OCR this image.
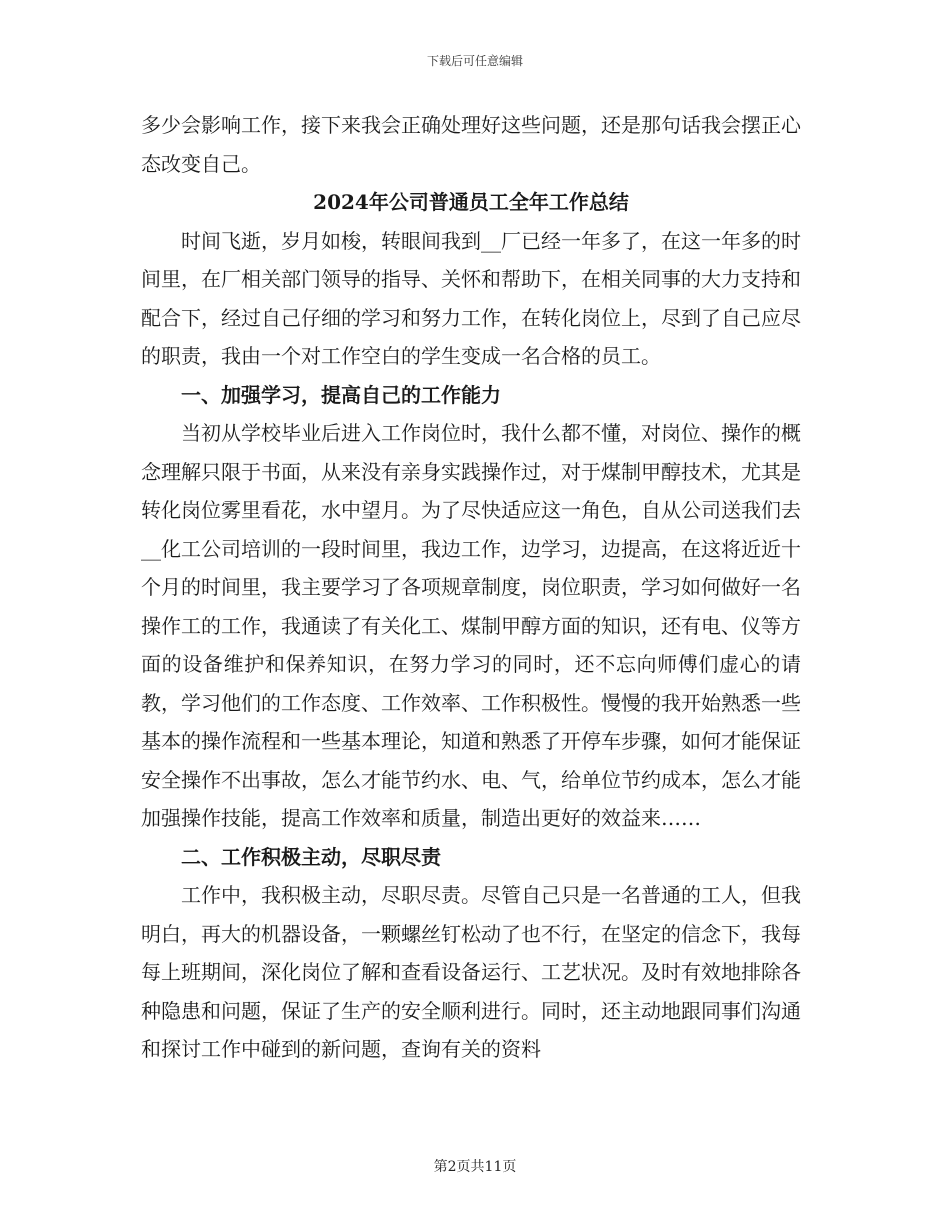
下载后可任意编辑

多少会影响工作，接下来我会正确处理好这些问题，还是那句话我会摆正心态改变自己。

2024年公司普通员工全年工作总结

时间飞逝，岁月如梭，转眼间我到__厂已经一年多了，在这一年多的时间里，在厂相关部门领导的指导、关怀和帮助下，在相关同事的大力支持和配合下，经过自己仔细的学习和努力工作，在转化岗位上，尽到了自己应尽的职责，我由一个对工作空白的学生变成一名合格的员工。

一、加强学习，提高自己的工作能力

当初从学校毕业后进入工作岗位时，我什么都不懂，对岗位、操作的概念理解只限于书面，从来没有亲身实践操作过，对于煤制甲醇技术，尤其是转化岗位雾里看花，水中望月。为了尽快适应这一角色，自从公司送我们去__化工公司培训的一段时间里，我边工作，边学习，边提高，在这将近近十个月的时间里，我主要学习了各项规章制度，岗位职责，学习如何做好一名操作工的工作，我通读了有关化工、煤制甲醇方面的知识，还有电、仪等方面的设备维护和保养知识，在努力学习的同时，还不忘向师傅们虚心的请教，学习他们的工作态度、工作效率、工作积极性。慢慢的我开始熟悉一些基本的操作流程和一些基本理论，知道和熟悉了开停车步骤，如何才能保证安全操作不出事故，怎么才能节约水、电、气，给单位节约成本，怎么才能加强操作技能，提高工作效率和质量，制造出更好的效益来……

二、工作积极主动，尽职尽责

工作中，我积极主动，尽职尽责。尽管自己只是一名普通的工人，但我明白，再大的机器设备，一颗螺丝钉松动了也不行，在坚定的信念下，我每每上班期间，深化岗位了解和查看设备运行、工艺状况。及时有效地排除各种隐患和问题，保证了生产的安全顺利进行。同时，还主动地跟同事们沟通和探讨工作中碰到的新问题，查询有关的资料

第2页共11页
